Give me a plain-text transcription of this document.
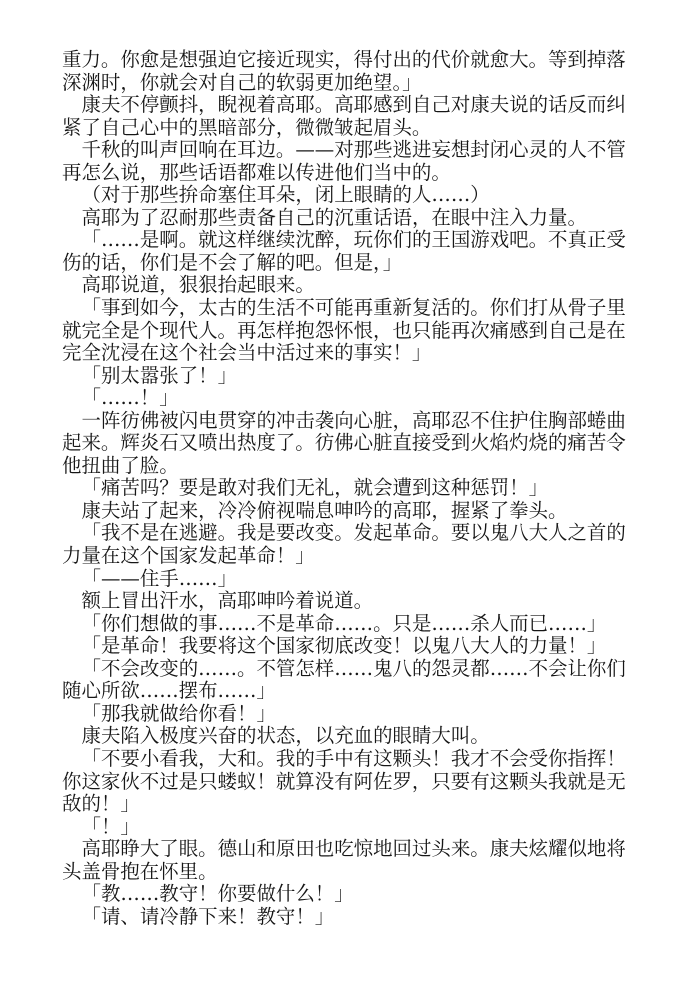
重力。你愈是想强迫它接近现实，得付出的代价就愈大。等到掉落
深渊时，你就会对自己的软弱更加绝望。」
康夫不停颤抖，睨视着高耶。高耶感到自己对康夫说的话反而纠
紧了自己心中的黑暗部分，微微皱起眉头。
千秋的叫声回响在耳边。——对那些逃进妄想封闭心灵的人不管
再怎么说，那些话语都难以传进他们当中的。
（对于那些拚命塞住耳朵，闭上眼睛的人……）
高耶为了忍耐那些责备自己的沉重话语，在眼中注入力量。
「……是啊。就这样继续沈醉，玩你们的王国游戏吧。不真正受
伤的话，你们是不会了解的吧。但是，」
高耶说道，狠狠抬起眼来。
「事到如今，太古的生活不可能再重新复活的。你们打从骨子里
就完全是个现代人。再怎样抱怨怀恨，也只能再次痛感到自己是在
完全沈浸在这个社会当中活过来的事实！」
「别太嚣张了！」
「……！」
一阵彷佛被闪电贯穿的冲击袭向心脏，高耶忍不住护住胸部蜷曲
起来。辉炎石又喷出热度了。彷佛心脏直接受到火焰灼烧的痛苦令
他扭曲了脸。
「痛苦吗？要是敢对我们无礼，就会遭到这种惩罚！」
康夫站了起来，冷冷俯视喘息呻吟的高耶，握紧了拳头。
「我不是在逃避。我是要改变。发起革命。要以鬼八大人之首的
力量在这个国家发起革命！」
「——住手……」
额上冒出汗水，高耶呻吟着说道。
「你们想做的事……不是革命……。只是……杀人而已……」
「是革命！我要将这个国家彻底改变！以鬼八大人的力量！」
「不会改变的……。不管怎样……鬼八的怨灵都……不会让你们
随心所欲……摆布……」
「那我就做给你看！」
康夫陷入极度兴奋的状态，以充血的眼睛大叫。
「不要小看我，大和。我的手中有这颗头！我才不会受你指挥！
你这家伙不过是只蝼蚁！就算没有阿佐罗，只要有这颗头我就是无
敌的！」
「！」
高耶睁大了眼。德山和原田也吃惊地回过头来。康夫炫耀似地将
头盖骨抱在怀里。
「教……教守！你要做什么！」
「请、请冷静下来！教守！」
